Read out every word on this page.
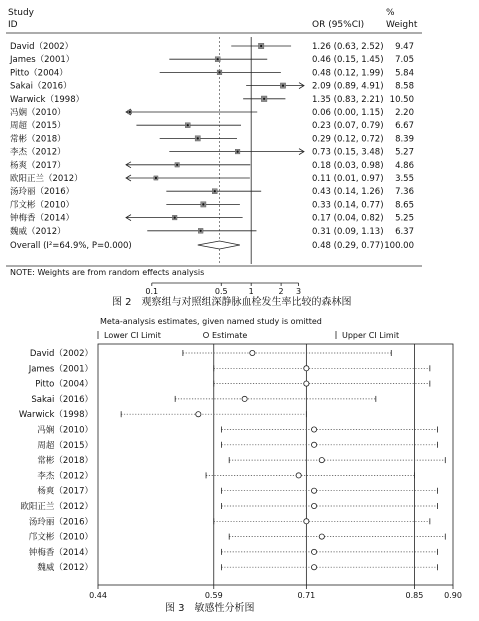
Study
ID	OR (95%CI)
%
Weight
David（2002）	1.26 (0.63, 2.52) 9.47
James（2001）	0.46 (0.15, 1.45) 7.05
Pitto（2004）	0.48 (0.12, 1.99) 5.84
Sakai（2016）	2.09 (0.89, 4.91) 8.58
Warwick（1998）	1.35 (0.83, 2.21) 10.50
冯娴（2010）	0.06 (0.00, 1.15) 2.20
周超（2015）	0.23 (0.07, 0.79) 6.67
常彬（2018）	0.29 (0.12, 0.72) 8.39
李杰（2012）	0.73 (0.15, 3.48) 5.27
杨爽（2017）	0.18 (0.03, 0.98) 4.86
欧阳正兰（2012）	0.11 (0.01, 0.97) 3.55
汤玲丽（2016）	0.43 (0.14, 1.26) 7.36
邝文彬（2010）	0.33 (0.14, 0.77) 8.65
钟梅香（2014）	0.17 (0.04, 0.82) 5.25
魏威（2012）	0.31 (0.09, 1.13) 6.37
Overall (I²=64.9%, P=0.000)	0.48 (0.29, 0.77) 100.00
0.1	0.5	1	2 3
NOTE: Weights are from random effects analysis
图 2　观察组与对照组深静脉血栓发生率比较的森林图
Meta-analysis estimates, given named study is omitted
Lower CI Limit	Estimate	Upper CI Limit
David（2002）
James（2001）
Pitto（2004）
Sakai（2016）
Warwick（1998）
冯娴（2010）
周超（2015）
常彬（2018）
李杰（2012）
杨爽（2017）
欧阳正兰（2012）
汤玲丽（2016）
邝文彬（2010）
钟梅香（2014）
魏威（2012）
0.44	0.59	0.71	0.85	0.90
图 3　敏感性分析图
